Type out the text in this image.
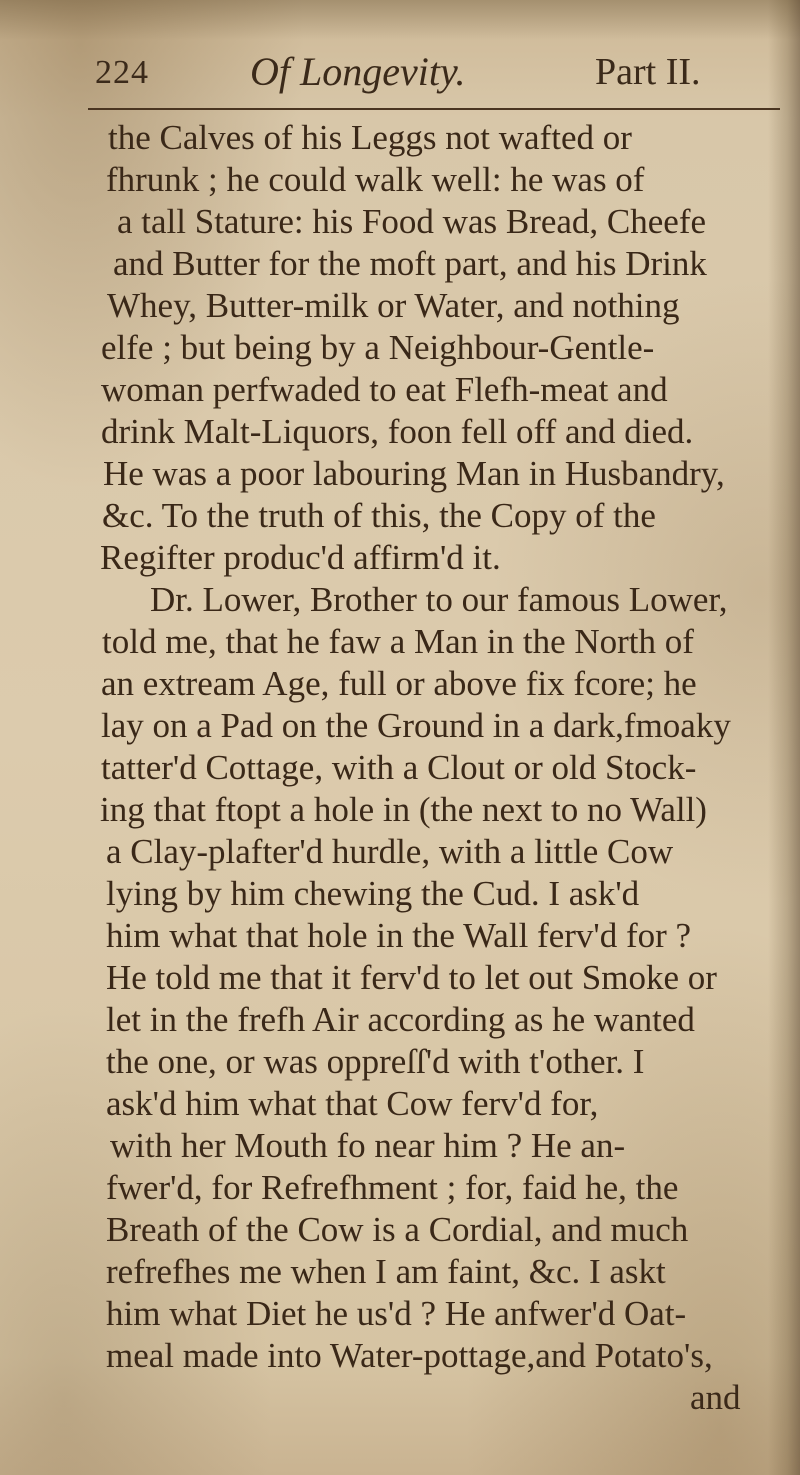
224	Of Longevity.	Part II.
the Calves of his Leggs not wafted or
fhrunk ; he could walk well: he was of
a tall Stature: his Food was Bread, Cheefe
and Butter for the moft part, and his Drink
Whey, Butter-milk or Water, and nothing
elfe ; but being by a Neighbour-Gentle-
woman perfwaded to eat Flefh-meat and
drink Malt-Liquors, foon fell off and died.
He was a poor labouring Man in Husbandry,
&c. To the truth of this, the Copy of the
Regifter produc'd affirm'd it.
Dr. Lower, Brother to our famous Lower,
told me, that he faw a Man in the North of
an extream Age, full or above fix fcore; he
lay on a Pad on the Ground in a dark,fmoaky
tatter'd Cottage, with a Clout or old Stock-
ing that ftopt a hole in (the next to no Wall)
a Clay-plafter'd hurdle, with a little Cow
lying by him chewing the Cud. I ask'd
him what that hole in the Wall ferv'd for ?
He told me that it ferv'd to let out Smoke or
let in the frefh Air according as he wanted
the one, or was oppreſſ'd with t'other. I
ask'd him what that Cow ferv'd for,
with her Mouth fo near him ? He an-
fwer'd, for Refrefhment ; for, faid he, the
Breath of the Cow is a Cordial, and much
refrefhes me when I am faint, &c. I askt
him what Diet he us'd ? He anfwer'd Oat-
meal made into Water-pottage,and Potato's,
and
